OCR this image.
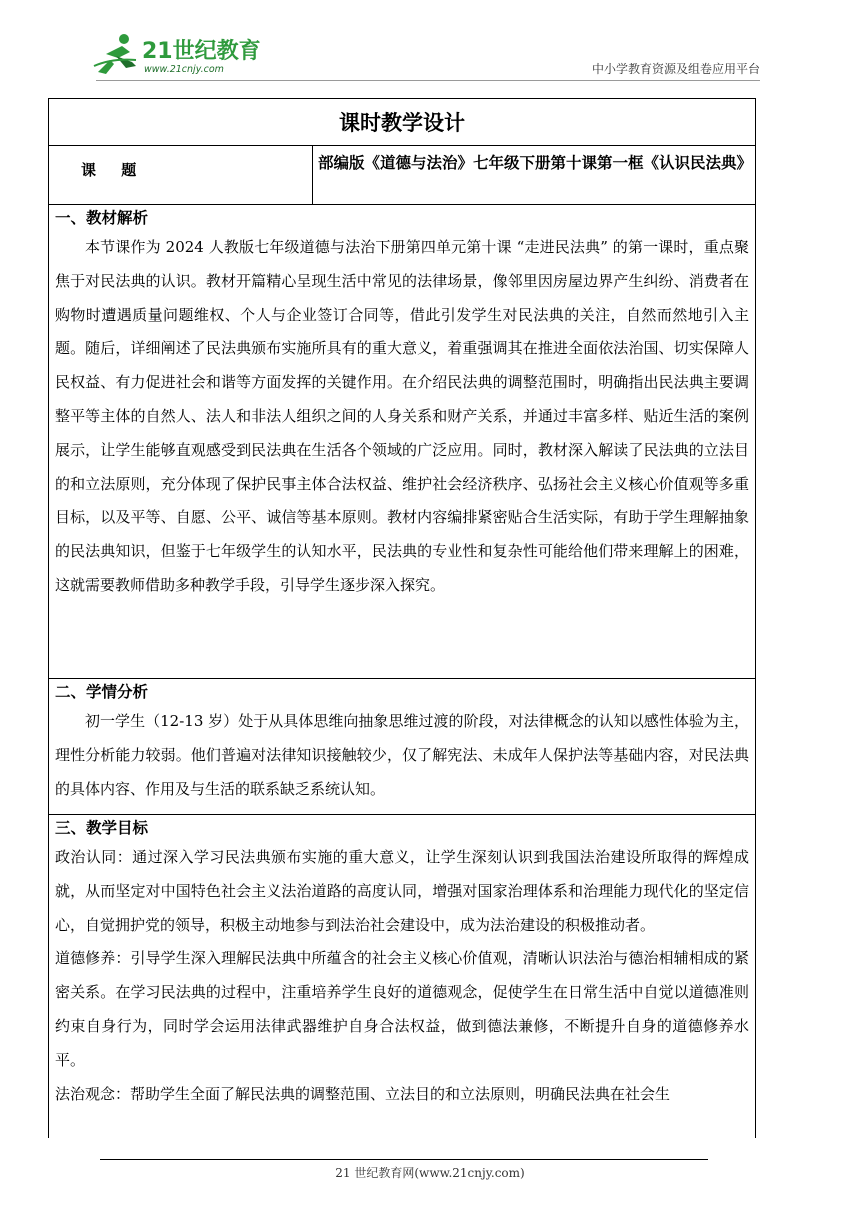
21世纪教育
www.21cnjy.com	中小学教育资源及组卷应用平台
课时教学设计
课 题	部编版《道德与法治》七年级下册第十课第一框《认识民法典》
一、教材解析

本节课作为 2024 人教版七年级道德与法治下册第四单元第十课 “走进民法典” 的第一课时，重点聚焦于对民法典的认识。教材开篇精心呈现生活中常见的法律场景，像邻里因房屋边界产生纠纷、消费者在购物时遭遇质量问题维权、个人与企业签订合同等，借此引发学生对民法典的关注，自然而然地引入主题。随后，详细阐述了民法典颁布实施所具有的重大意义，着重强调其在推进全面依法治国、切实保障人民权益、有力促进社会和谐等方面发挥的关键作用。在介绍民法典的调整范围时，明确指出民法典主要调整平等主体的自然人、法人和非法人组织之间的人身关系和财产关系，并通过丰富多样、贴近生活的案例展示，让学生能够直观感受到民法典在生活各个领域的广泛应用。同时，教材深入解读了民法典的立法目的和立法原则，充分体现了保护民事主体合法权益、维护社会经济秩序、弘扬社会主义核心价值观等多重目标，以及平等、自愿、公平、诚信等基本原则。教材内容编排紧密贴合生活实际，有助于学生理解抽象的民法典知识，但鉴于七年级学生的认知水平，民法典的专业性和复杂性可能给他们带来理解上的困难，这就需要教师借助多种教学手段，引导学生逐步深入探究。

二、学情分析

初一学生（12-13 岁）处于从具体思维向抽象思维过渡的阶段，对法律概念的认知以感性体验为主，理性分析能力较弱。他们普遍对法律知识接触较少，仅了解宪法、未成年人保护法等基础内容，对民法典的具体内容、作用及与生活的联系缺乏系统认知。

三、教学目标

政治认同：通过深入学习民法典颁布实施的重大意义，让学生深刻认识到我国法治建设所取得的辉煌成就，从而坚定对中国特色社会主义法治道路的高度认同，增强对国家治理体系和治理能力现代化的坚定信心，自觉拥护党的领导，积极主动地参与到法治社会建设中，成为法治建设的积极推动者。

道德修养：引导学生深入理解民法典中所蕴含的社会主义核心价值观，清晰认识法治与德治相辅相成的紧密关系。在学习民法典的过程中，注重培养学生良好的道德观念，促使学生在日常生活中自觉以道德准则约束自身行为，同时学会运用法律武器维护自身合法权益，做到德法兼修，不断提升自身的道德修养水平。

法治观念：帮助学生全面了解民法典的调整范围、立法目的和立法原则，明确民法典在社会生

21 世纪教育网(www.21cnjy.com)
